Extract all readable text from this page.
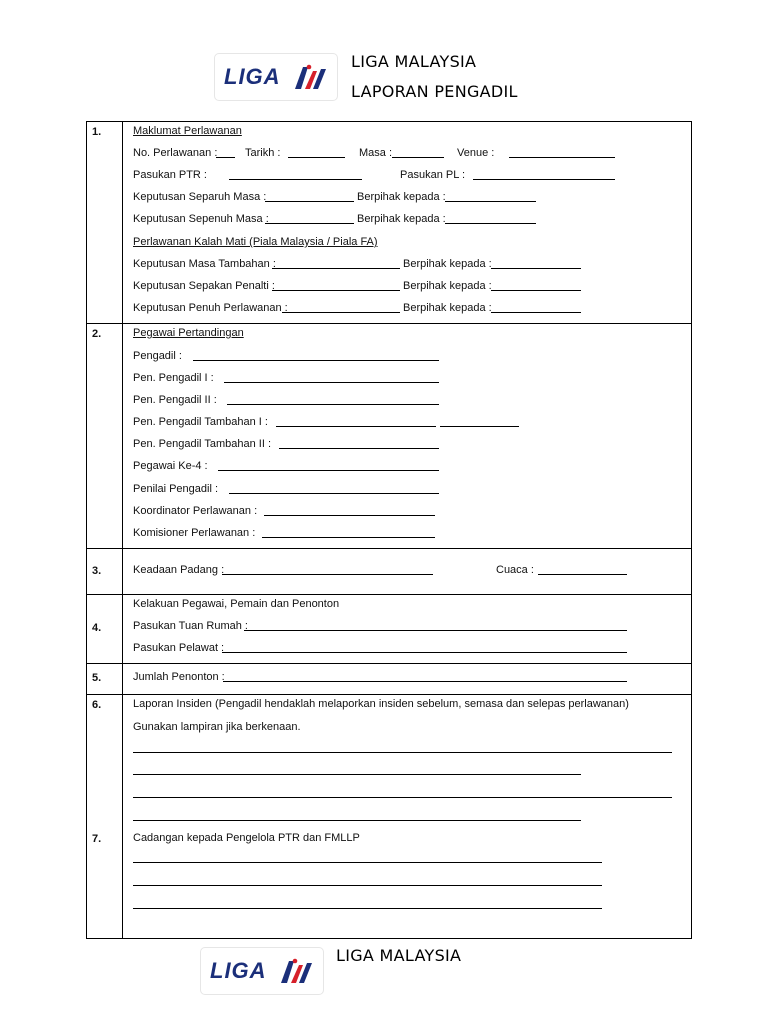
LIGA
LIGA MALAYSIA
LAPORAN PENGADIL
1.	Maklumat Perlawanan
No. Perlawanan :	Tarikh :	Masa :	Venue :
Pasukan PTR :	Pasukan PL :
Keputusan Separuh Masa :	Berpihak kepada :
Keputusan Sepenuh Masa :	Berpihak kepada :
Perlawanan Kalah Mati (Piala Malaysia / Piala FA)
Keputusan Masa Tambahan :	Berpihak kepada :
Keputusan Sepakan Penalti :	Berpihak kepada :
Keputusan Penuh Perlawanan :	Berpihak kepada :
2.	Pegawai Pertandingan
Pengadil :
Pen. Pengadil I :
Pen. Pengadil II :
Pen. Pengadil Tambahan I :
Pen. Pengadil Tambahan II :
Pegawai Ke-4 :
Penilai Pengadil :
Koordinator Perlawanan :
Komisioner Perlawanan :
3.	Keadaan Padang :	Cuaca :
Kelakuan Pegawai, Pemain dan Penonton
4.	Pasukan Tuan Rumah :
Pasukan Pelawat :
5.	Jumlah Penonton :
6.	Laporan Insiden (Pengadil hendaklah melaporkan insiden sebelum, semasa dan selepas perlawanan)
Gunakan lampiran jika berkenaan.
7.	Cadangan kepada Pengelola PTR dan FMLLP
LIGA
LIGA MALAYSIA
